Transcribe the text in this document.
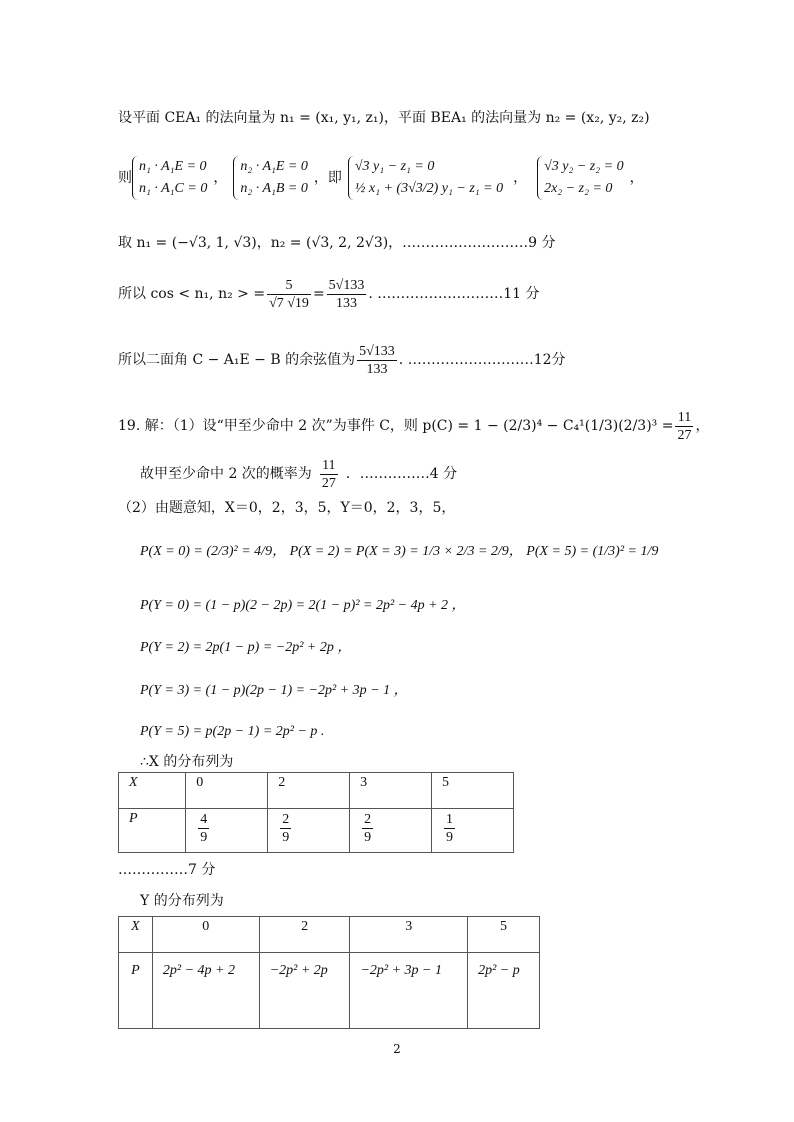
设平面 CEA₁ 的法向量为 n₁ = (x₁, y₁, z₁)，平面 BEA₁ 的法向量为 n₂ = (x₂, y₂, z₂)
则
n₁ · A₁E = 0
n₁ · A₁C = 0
，
n₂ · A₁E = 0
n₂ · A₁B = 0
，即
√3 y₁ − z₁ = 0
½ x₁ + (3√3/2) y₁ − z₁ = 0
，
√3 y₂ − z₂ = 0
2x₂ − z₂ = 0
，
取 n₁ = (−√3, 1, √3)，n₂ = (√3, 2, 2√3)，………………………9 分
所以 cos < n₁, n₂ > = $\frac{5}{√7 √19} = \frac{5√133}{133}$ . ………………………11 分
所以二面角 C − A₁E − B 的余弦值为 $\frac{5√133}{133}$ . ………………………12分
19. 解：（1）设“甲至少命中 2 次”为事件 C，则 $p(C) = 1 - (2/3)^4 - C_4^1(1/3)(2/3)^3 = \frac{11}{27}$ ，
故甲至少命中 2 次的概率为 $\frac{11}{27}$ ．……………4 分
（2）由题意知，X＝0，2，3，5，Y＝0，2，3，5，
P(X = 0) = (2/3)² = 4/9， P(X = 2) = P(X = 3) = 1/3 × 2/3 = 2/9， P(X = 5) = (1/3)² = 1/9
P(Y = 0) = (1 − p)(2 − 2p) = 2(1 − p)² = 2p² − 4p + 2 ，
P(Y = 2) = 2p(1 − p) = −2p² + 2p ，
P(Y = 3) = (1 − p)(2p − 1) = −2p² + 3p − 1 ，
P(Y = 5) = p(2p − 1) = 2p² − p .
∴X 的分布列为
X	0	2	3	5
P	$\frac{4}{9}$	$\frac{2}{9}$	$\frac{2}{9}$	$\frac{1}{9}$
……………7 分
Y 的分布列为
X	0	2	3	5
P	2p² − 4p + 2	−2p² + 2p	−2p² + 3p − 1	2p² − p
2
